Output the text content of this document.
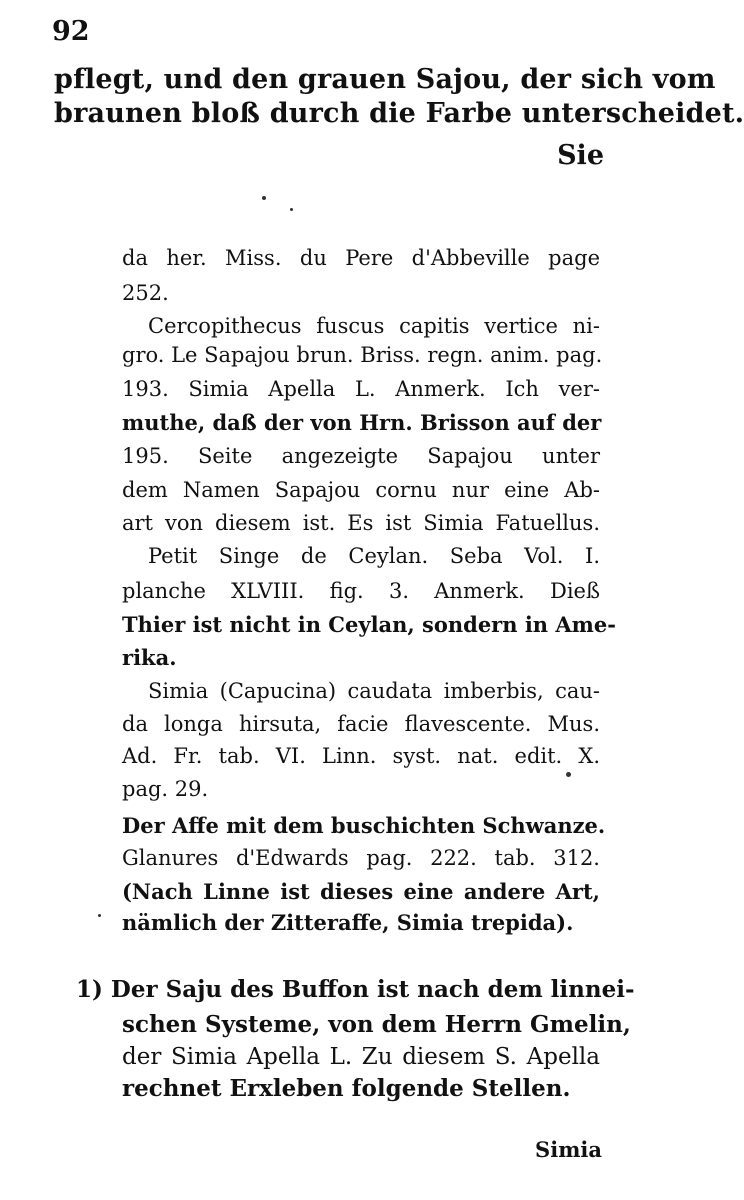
92
pflegt, und den grauen Sajou, der sich vom
braunen bloß durch die Farbe unterscheidet.
Sie
da her. Miss. du Pere d'Abbeville page
252.
Cercopithecus fuscus capitis vertice ni-
gro. Le Sapajou brun. Briss. regn. anim. pag.
193. Simia Apella L. Anmerk. Ich ver-
muthe, daß der von Hrn. Brisson auf der
195. Seite angezeigte Sapajou unter
dem Namen Sapajou cornu nur eine Ab-
art von diesem ist. Es ist Simia Fatuellus.
Petit Singe de Ceylan. Seba Vol. I.
planche XLVIII. fig. 3. Anmerk. Dieß
Thier ist nicht in Ceylan, sondern in Ame-
rika.
Simia (Capucina) caudata imberbis, cau-
da longa hirsuta, facie flavescente. Mus.
Ad. Fr. tab. VI. Linn. syst. nat. edit. X.
pag. 29.
Der Affe mit dem buschichten Schwanze.
Glanures d'Edwards pag. 222. tab. 312.
(Nach Linne ist dieses eine andere Art,
nämlich der Zitteraffe, Simia trepida).
1) Der Saju des Buffon ist nach dem linnei-
schen Systeme, von dem Herrn Gmelin,
der Simia Apella L. Zu diesem S. Apella
rechnet Erxleben folgende Stellen.
Simia
